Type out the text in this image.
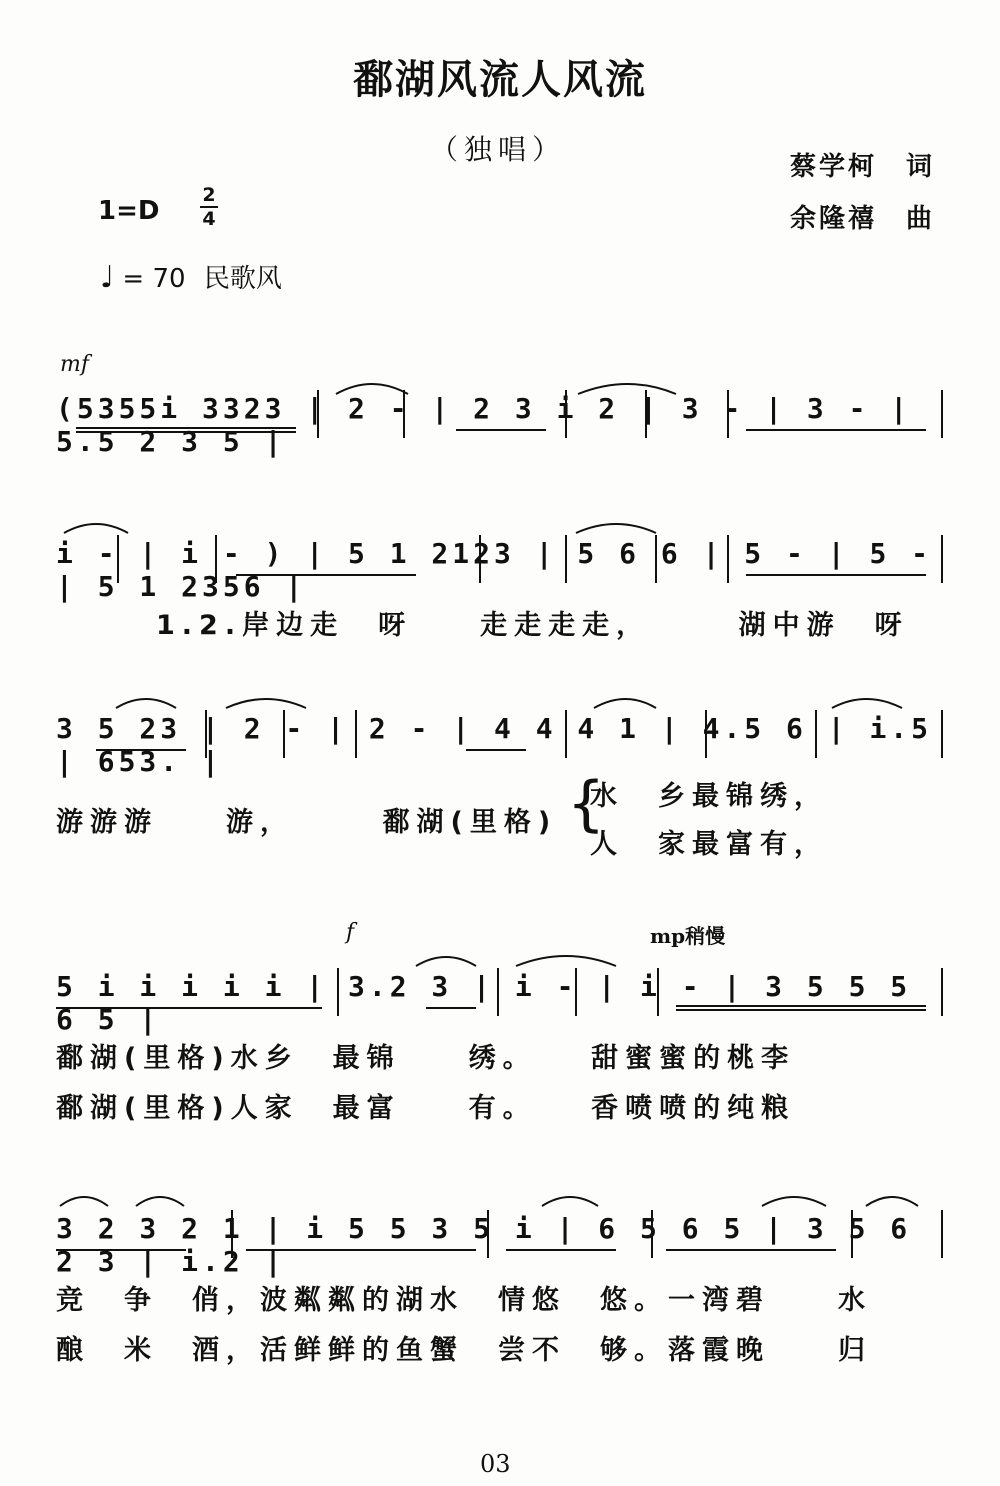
鄱湖风流人风流
（独唱）
蔡学柯　词
余隆禧　曲
1=D
2
4
♩ = 70 民歌风
mf
(5355i 3323 | 2 - | 2 3 i 2 | 3 - | 3 - | 5.5 2 3 5 |
i - | i - ) | 5 1 2123 | 5 6 6 | 5 - | 5 - | 5 1 2356 |
1.2.岸边走　呀　　走走走走，　　　湖中游　呀
3 5 23 | 2 - | 2 - | 4 4 4 1 | 4.5 6 | i.5 | 653. |
游游游　　游，　　　鄱湖(里格) {
水　乡最锦绣，
人　家最富有，
f	mp稍慢
5 i i i i i | 3.2 3 | i - | i - | 3 5 5 5 6 5 |
鄱湖(里格)水乡　最锦　　绣。　　甜蜜蜜的桃李
鄱湖(里格)人家　最富　　有。　　香喷喷的纯粮
3 2 3 2 1 | i 5 5 3 5 i | 6 5 6 5 | 3 5 6 2 3 | i.2 |
竞　争　俏，波粼粼的湖水　情悠　悠。一湾碧　　水
酿　米　酒，活鲜鲜的鱼蟹　尝不　够。落霞晚　　归
03
